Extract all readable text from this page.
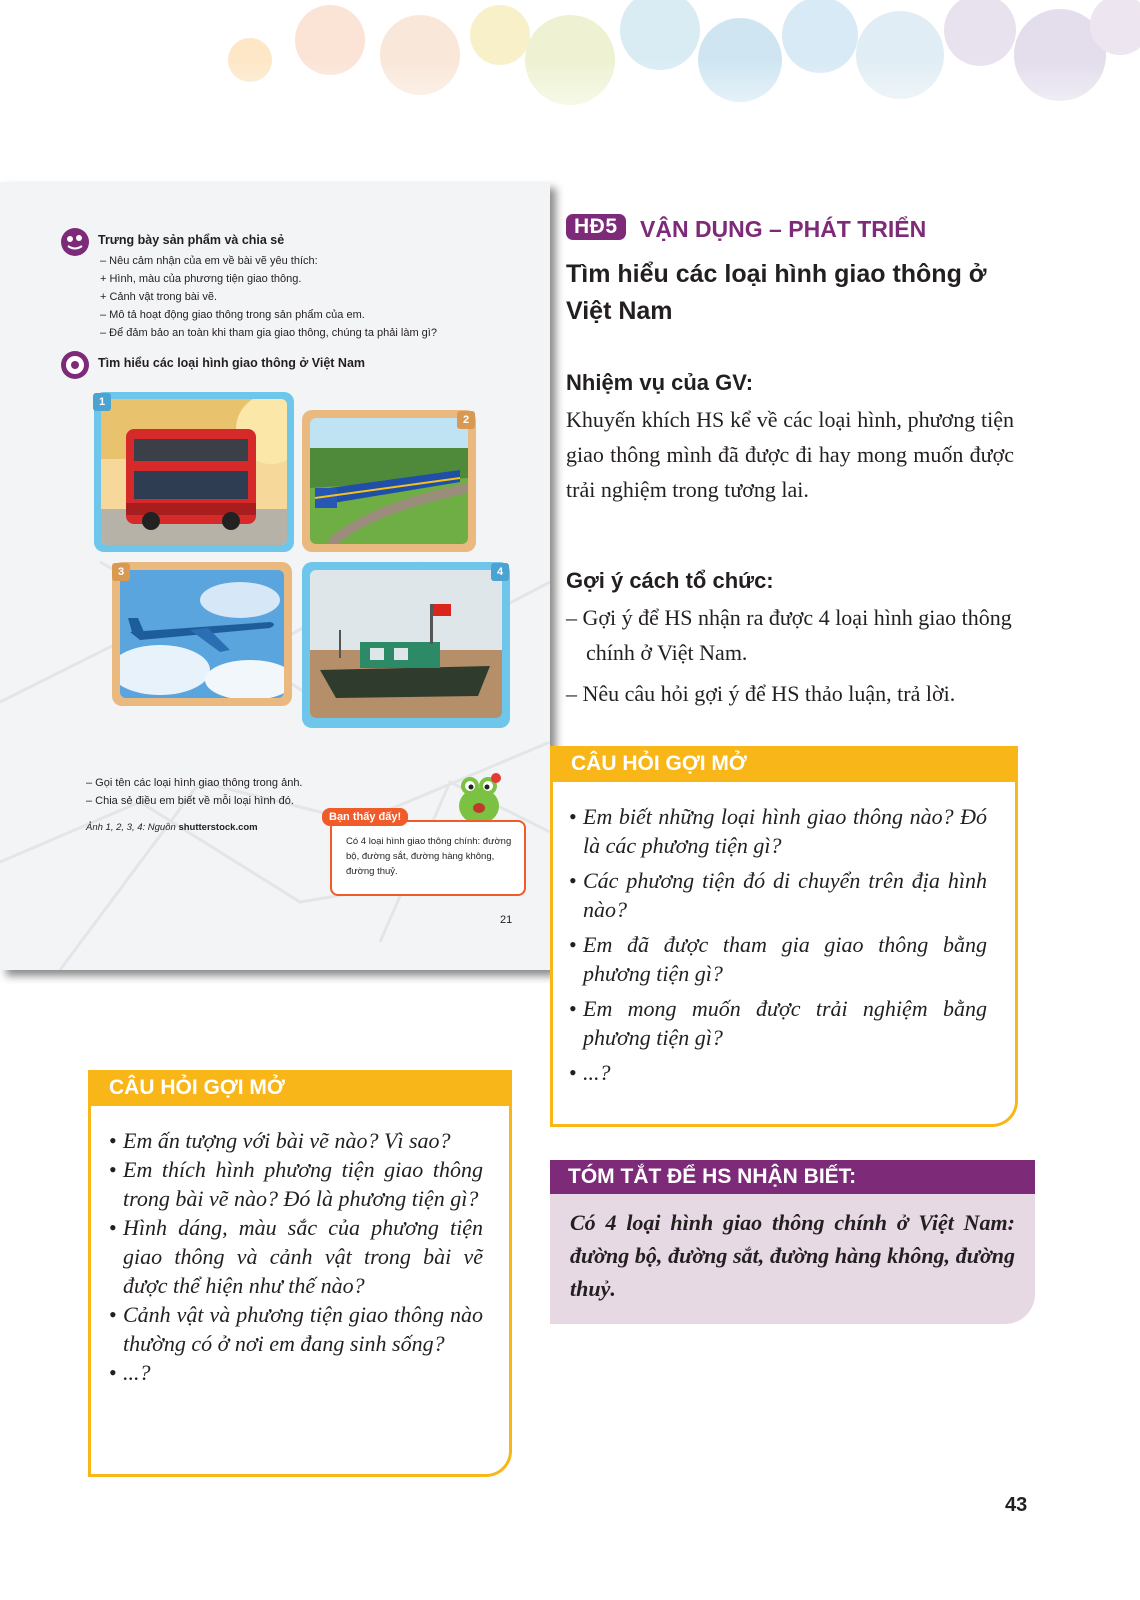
Trưng bày sản phẩm và chia sẻ
– Nêu cảm nhận của em về bài vẽ yêu thích:
+ Hình, màu của phương tiện giao thông.
+ Cảnh vật trong bài vẽ.
– Mô tả hoạt động giao thông trong sản phẩm của em.
– Để đảm bảo an toàn khi tham gia giao thông, chúng ta phải làm gì?
Tìm hiểu các loại hình giao thông ở Việt Nam
1
2
3	4
– Gọi tên các loại hình giao thông trong ảnh.
– Chia sẻ điều em biết về mỗi loại hình đó.
Ảnh 1, 2, 3, 4: Nguồn shutterstock.com
Bạn thấy đấy!
Có 4 loại hình giao thông chính: đường bộ, đường sắt, đường hàng không, đường thuỷ.
21
HĐ5 VẬN DỤNG – PHÁT TRIỂN
Tìm hiểu các loại hình giao thông ở Việt Nam
Nhiệm vụ của GV:
Khuyến khích HS kể về các loại hình, phương tiện giao thông mình đã được đi hay mong muốn được trải nghiệm trong tương lai.
Gợi ý cách tổ chức:
– Gợi ý để HS nhận ra được 4 loại hình giao thông chính ở Việt Nam.
– Nêu câu hỏi gợi ý để HS thảo luận, trả lời.
CÂU HỎI GỢI MỞ
• Em biết những loại hình giao thông nào? Đó là các phương tiện gì?
• Các phương tiện đó di chuyển trên địa hình nào?
• Em đã được tham gia giao thông bằng phương tiện gì?
• Em mong muốn được trải nghiệm bằng phương tiện gì?
• ...?
TÓM TẮT ĐỂ HS NHẬN BIẾT:
Có 4 loại hình giao thông chính ở Việt Nam: đường bộ, đường sắt, đường hàng không, đường thuỷ.
CÂU HỎI GỢI MỞ
• Em ấn tượng với bài vẽ nào? Vì sao?
• Em thích hình phương tiện giao thông trong bài vẽ nào? Đó là phương tiện gì?
• Hình dáng, màu sắc của phương tiện giao thông và cảnh vật trong bài vẽ được thể hiện như thế nào?
• Cảnh vật và phương tiện giao thông nào thường có ở nơi em đang sinh sống?
• ...?
43
